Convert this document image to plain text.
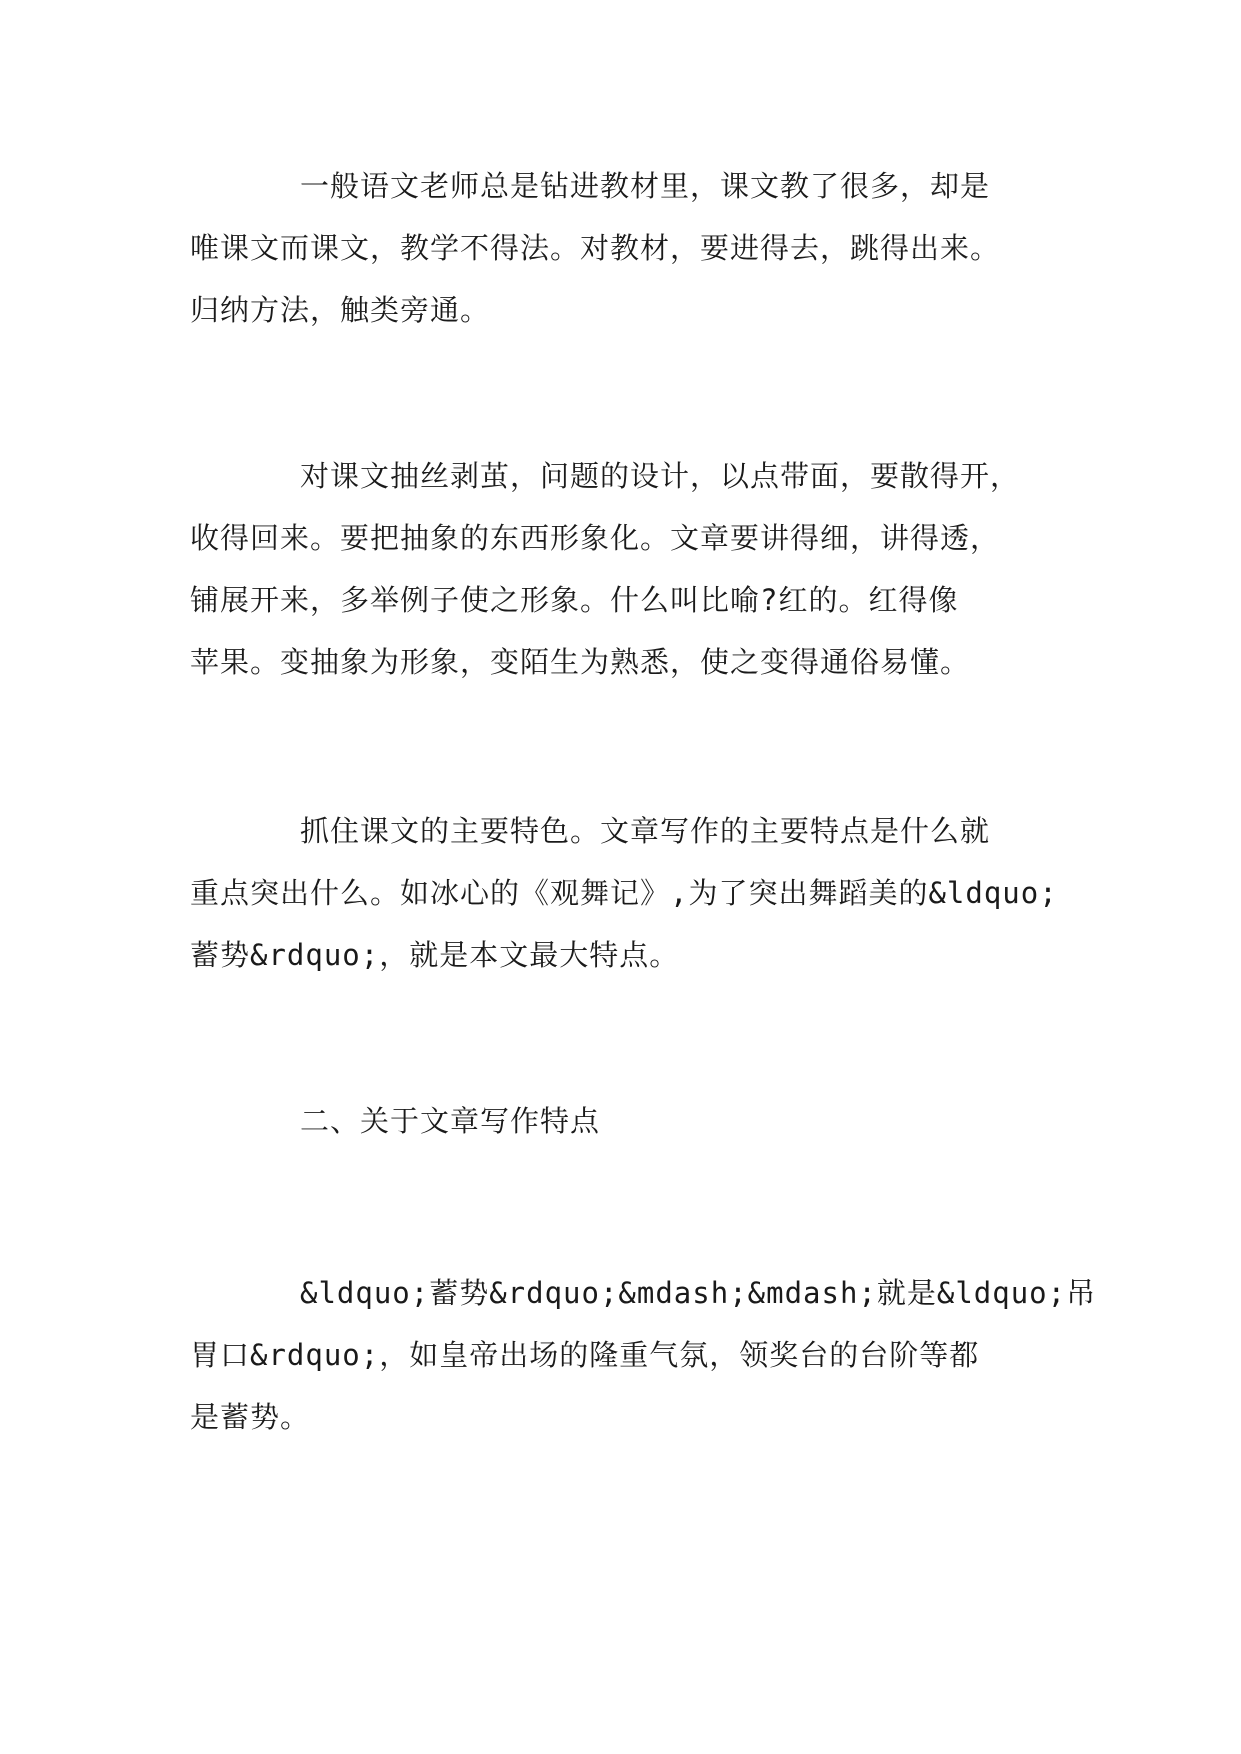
一般语文老师总是钻进教材里，课文教了很多，却是
唯课文而课文，教学不得法。对教材，要进得去，跳得出来。
归纳方法，触类旁通。

对课文抽丝剥茧，问题的设计，以点带面，要散得开，
收得回来。要把抽象的东西形象化。文章要讲得细，讲得透，
铺展开来，多举例子使之形象。什么叫比喻?红的。红得像
苹果。变抽象为形象，变陌生为熟悉，使之变得通俗易懂。

抓住课文的主要特色。文章写作的主要特点是什么就
重点突出什么。如冰心的《观舞记》,为了突出舞蹈美的&ldquo;
蓄势&rdquo;，就是本文最大特点。

二、关于文章写作特点

&ldquo;蓄势&rdquo;&mdash;&mdash;就是&ldquo;吊
胃口&rdquo;，如皇帝出场的隆重气氛，领奖台的台阶等都
是蓄势。
